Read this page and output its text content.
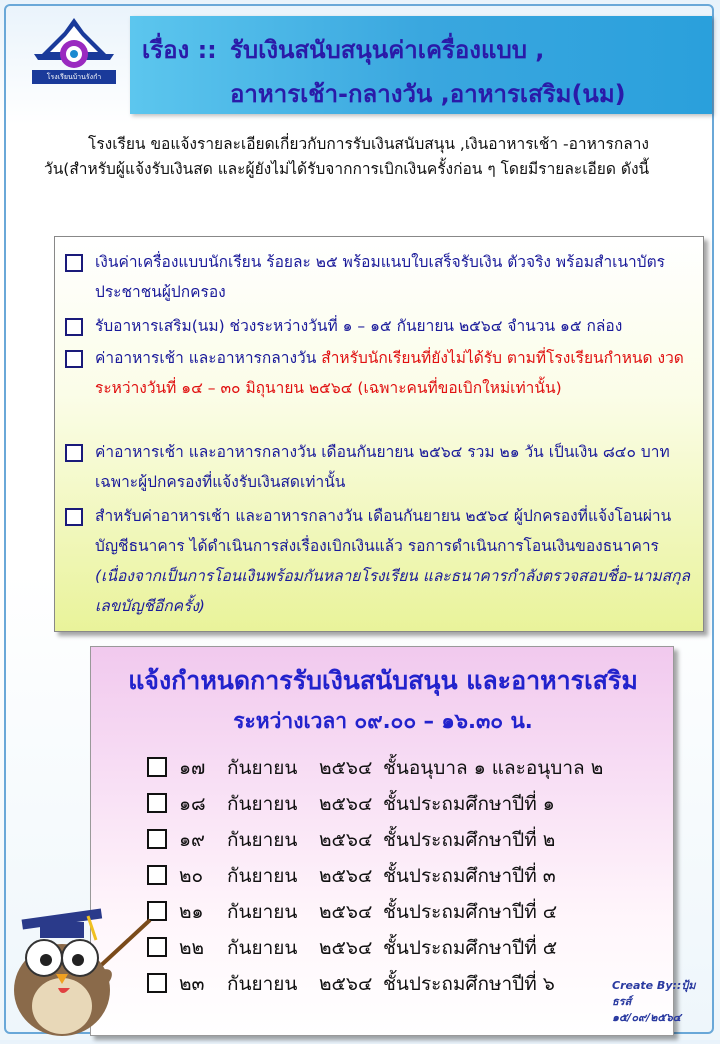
โรงเรียนบ้านรังกำ
เรื่อง :: รับเงินสนับสนุนค่าเครื่องแบบ ,
อาหารเช้า-กลางวัน ,อาหารเสริม(นม)

โรงเรียน ขอแจ้งรายละเอียดเกี่ยวกับการรับเงินสนับสนุน ,เงินอาหารเช้า -อาหารกลางวัน(สำหรับผู้แจ้งรับเงินสด และผู้ยังไม่ได้รับจากการเบิกเงินครั้งก่อน ๆ โดยมีรายละเอียด ดังนี้

เงินค่าเครื่องแบบนักเรียน ร้อยละ ๒๕ พร้อมแนบใบเสร็จรับเงิน ตัวจริง พร้อมสำเนาบัตรประชาชนผู้ปกครอง
รับอาหารเสริม(นม) ช่วงระหว่างวันที่ ๑ – ๑๕ กันยายน ๒๕๖๔ จำนวน ๑๕ กล่อง
ค่าอาหารเช้า และอาหารกลางวัน สำหรับนักเรียนที่ยังไม่ได้รับ ตามที่โรงเรียนกำหนด งวดระหว่างวันที่ ๑๔ – ๓๐ มิถุนายน ๒๕๖๔ (เฉพาะคนที่ขอเบิกใหม่เท่านั้น)
ค่าอาหารเช้า และอาหารกลางวัน เดือนกันยายน ๒๕๖๔ รวม ๒๑ วัน เป็นเงิน ๘๔๐ บาท เฉพาะผู้ปกครองที่แจ้งรับเงินสดเท่านั้น
สำหรับค่าอาหารเช้า และอาหารกลางวัน เดือนกันยายน ๒๕๖๔ ผู้ปกครองที่แจ้งโอนผ่านบัญชีธนาคาร ได้ดำเนินการส่งเรื่องเบิกเงินแล้ว รอการดำเนินการโอนเงินของธนาคาร (เนื่องจากเป็นการโอนเงินพร้อมกันหลายโรงเรียน และธนาคารกำลังตรวจสอบชื่อ-นามสกุล เลขบัญชีอีกครั้ง)
แจ้งกำหนดการรับเงินสนับสนุน และอาหารเสริม
ระหว่างเวลา ๐๙.๐๐ – ๑๖.๓๐ น.
๑๗ กันยายน ๒๕๖๔ ชั้นอนุบาล ๑ และอนุบาล ๒
๑๘ กันยายน ๒๕๖๔ ชั้นประถมศึกษาปีที่ ๑
๑๙ กันยายน ๒๕๖๔ ชั้นประถมศึกษาปีที่ ๒
๒๐ กันยายน ๒๕๖๔ ชั้นประถมศึกษาปีที่ ๓
๒๑ กันยายน ๒๕๖๔ ชั้นประถมศึกษาปีที่ ๔
๒๒ กันยายน ๒๕๖๔ ชั้นประถมศึกษาปีที่ ๕
๒๓ กันยายน ๒๕๖๔ ชั้นประถมศึกษาปีที่ ๖	Create By::ปุ้มธรส์
๑๕/๐๙/๒๕๖๔
